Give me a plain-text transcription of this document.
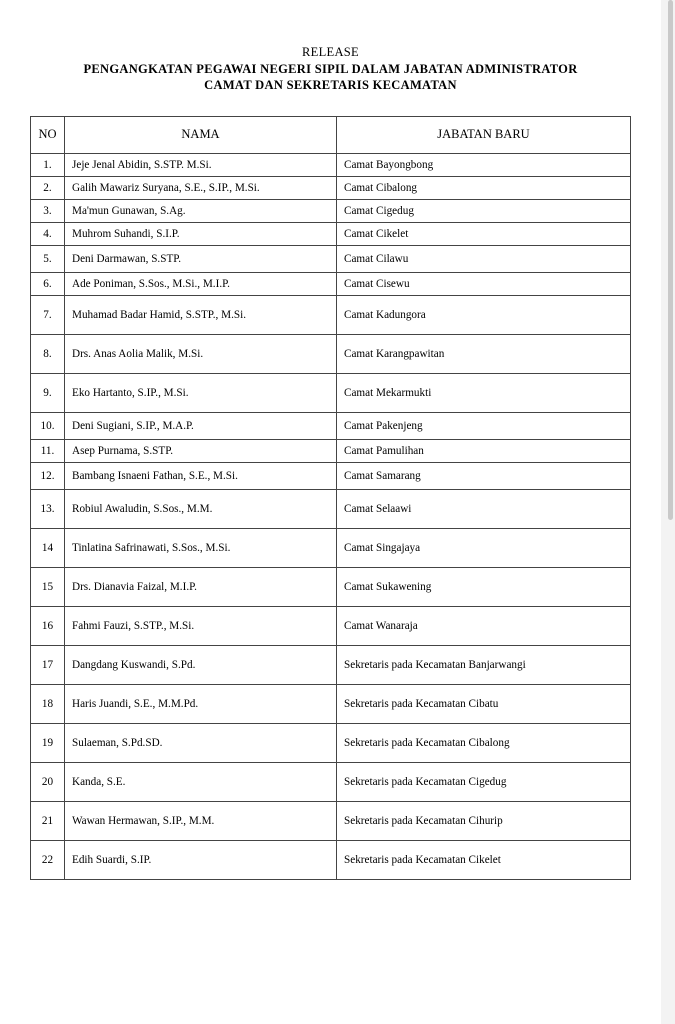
RELEASE
PENGANGKATAN PEGAWAI NEGERI SIPIL DALAM JABATAN ADMINISTRATOR
CAMAT DAN SEKRETARIS KECAMATAN
NO	NAMA	JABATAN BARU
1.	Jeje Jenal Abidin, S.STP. M.Si.	Camat Bayongbong
2.	Galih Mawariz Suryana, S.E., S.IP., M.Si.	Camat Cibalong
3.	Ma'mun Gunawan, S.Ag.	Camat Cigedug
4.	Muhrom Suhandi, S.I.P.	Camat Cikelet
5.	Deni Darmawan, S.STP.	Camat Cilawu
6.	Ade Poniman, S.Sos., M.Si., M.I.P.	Camat Cisewu
7.	Muhamad Badar Hamid, S.STP., M.Si.	Camat Kadungora
8.	Drs. Anas Aolia Malik, M.Si.	Camat Karangpawitan
9.	Eko Hartanto, S.IP., M.Si.	Camat Mekarmukti
10.	Deni Sugiani, S.IP., M.A.P.	Camat Pakenjeng
11.	Asep Purnama, S.STP.	Camat Pamulihan
12.	Bambang Isnaeni Fathan, S.E., M.Si.	Camat Samarang
13.	Robiul Awaludin, S.Sos., M.M.	Camat Selaawi
14	Tinlatina Safrinawati, S.Sos., M.Si.	Camat Singajaya
15	Drs. Dianavia Faizal, M.I.P.	Camat Sukawening
16	Fahmi Fauzi, S.STP., M.Si.	Camat Wanaraja
17	Dangdang Kuswandi, S.Pd.	Sekretaris pada Kecamatan Banjarwangi
18	Haris Juandi, S.E., M.M.Pd.	Sekretaris pada Kecamatan Cibatu
19	Sulaeman, S.Pd.SD.	Sekretaris pada Kecamatan Cibalong
20	Kanda, S.E.	Sekretaris pada Kecamatan Cigedug
21	Wawan Hermawan, S.IP., M.M.	Sekretaris pada Kecamatan Cihurip
22	Edih Suardi, S.IP.	Sekretaris pada Kecamatan Cikelet
